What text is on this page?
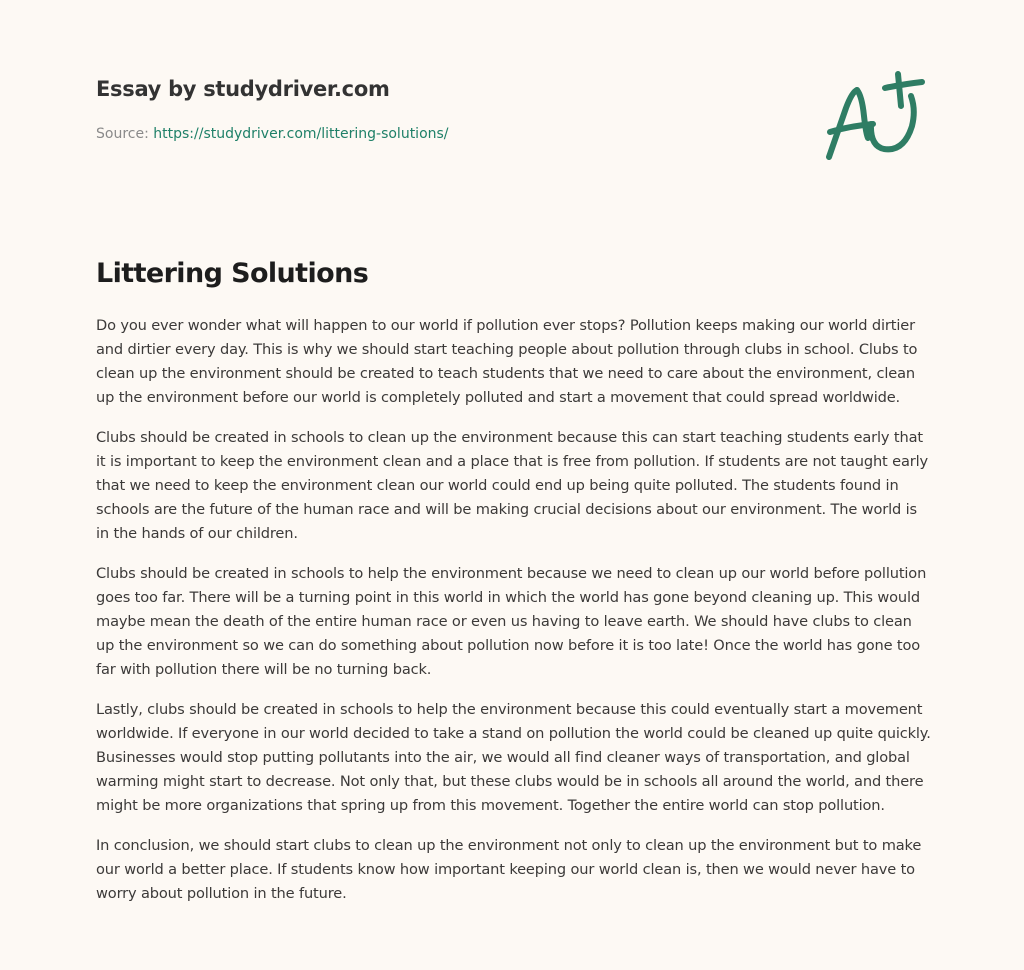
Essay by studydriver.com
Source: https://studydriver.com/littering-solutions/
Littering Solutions

Do you ever wonder what will happen to our world if pollution ever stops? Pollution keeps making our world dirtier and dirtier every day. This is why we should start teaching people about pollution through clubs in school. Clubs to clean up the environment should be created to teach students that we need to care about the environment, clean up the environment before our world is completely polluted and start a movement that could spread worldwide.

Clubs should be created in schools to clean up the environment because this can start teaching students early that it is important to keep the environment clean and a place that is free from pollution. If students are not taught early that we need to keep the environment clean our world could end up being quite polluted. The students found in schools are the future of the human race and will be making crucial decisions about our environment. The world is in the hands of our children.

Clubs should be created in schools to help the environment because we need to clean up our world before pollution goes too far. There will be a turning point in this world in which the world has gone beyond cleaning up. This would maybe mean the death of the entire human race or even us having to leave earth. We should have clubs to clean up the environment so we can do something about pollution now before it is too late! Once the world has gone too far with pollution there will be no turning back.

Lastly, clubs should be created in schools to help the environment because this could eventually start a movement worldwide. If everyone in our world decided to take a stand on pollution the world could be cleaned up quite quickly. Businesses would stop putting pollutants into the air, we would all find cleaner ways of transportation, and global warming might start to decrease. Not only that, but these clubs would be in schools all around the world, and there might be more organizations that spring up from this movement. Together the entire world can stop pollution.

In conclusion, we should start clubs to clean up the environment not only to clean up the environment but to make our world a better place. If students know how important keeping our world clean is, then we would never have to worry about pollution in the future.
